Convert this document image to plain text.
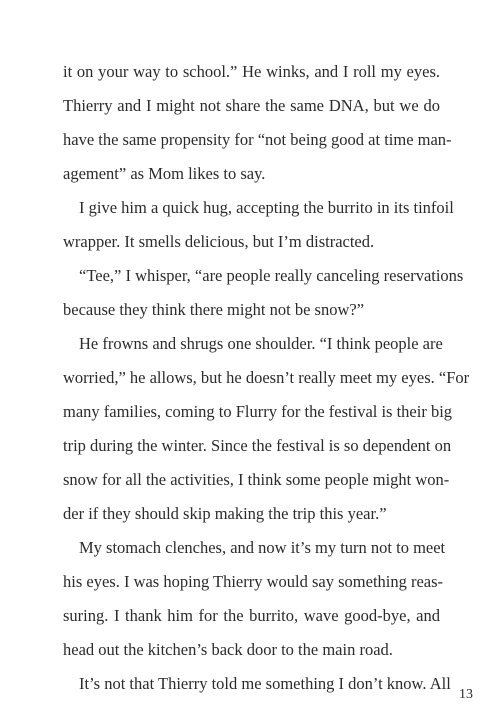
it on your way to school.” He winks, and I roll my eyes.
Thierry and I might not share the same DNA, but we do
have the same propensity for “not being good at time man-
agement” as Mom likes to say.
I give him a quick hug, accepting the burrito in its tinfoil
wrapper. It smells delicious, but I’m distracted.
“Tee,” I whisper, “are people really canceling reservations
because they think there might not be snow?”
He frowns and shrugs one shoulder. “I think people are
worried,” he allows, but he doesn’t really meet my eyes. “For
many families, coming to Flurry for the festival is their big
trip during the winter. Since the festival is so dependent on
snow for all the activities, I think some people might won-
der if they should skip making the trip this year.”
My stomach clenches, and now it’s my turn not to meet
his eyes. I was hoping Thierry would say something reas-
suring. I thank him for the burrito, wave good-bye, and
head out the kitchen’s back door to the main road.
It’s not that Thierry told me something I don’t know. All
13
